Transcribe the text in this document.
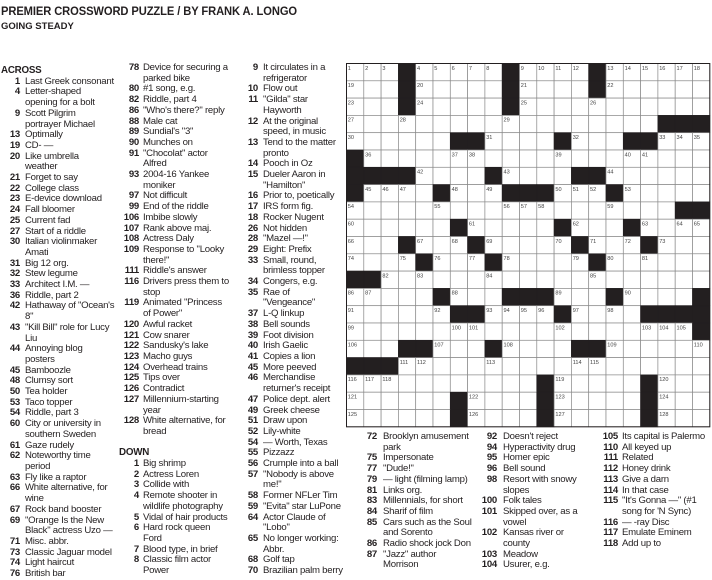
PREMIER CROSSWORD PUZZLE / BY FRANK A. LONGO
GOING STEADY
ACROSS
1 Last Greek consonant
4 Letter-shaped
opening for a bolt
9 Scott Pilgrim
portrayer Michael
13 Optimally
19 CD- —
20 Like umbrella
weather
21 Forget to say
22 College class
23 E-device download
24 Fall bloomer
25 Current fad
27 Start of a riddle
30 Italian violinmaker
Amati
31 Big 12 org.
32 Stew legume
33 Architect I.M. —
36 Riddle, part 2
42 Hathaway of "Ocean's
8"
43 "Kill Bill" role for Lucy
Liu
44 Annoying blog
posters
45 Bamboozle
48 Clumsy sort
50 Tea holder
53 Taco topper
54 Riddle, part 3
60 City or university in
southern Sweden
61 Gaze rudely
62 Noteworthy time
period
63 Fly like a raptor
66 White alternative, for
wine
67 Rock band booster
69 "Orange Is the New
Black" actress Uzo —
71 Misc. abbr.
73 Classic Jaguar model
74 Light haircut
76 British bar
78 Device for securing a
parked bike
80 #1 song, e.g.
82 Riddle, part 4
86 "Who's there?" reply
88 Male cat
89 Sundial's "3"
90 Munches on
91 "Chocolat" actor
Alfred
93 2004-16 Yankee
moniker
97 Not difficult
99 End of the riddle
106 Imbibe slowly
107 Rank above maj.
108 Actress Daly
109 Response to "Looky
there!"
111 Riddle's answer
116 Drivers press them to
stop
119 Animated "Princess
of Power"
120 Awful racket
121 Cow snarer
122 Sandusky's lake
123 Macho guys
124 Overhead trains
125 Tips over
126 Contradict
127 Millennium-starting
year
128 White alternative, for
bread
DOWN
1 Big shrimp
2 Actress Loren
3 Collide with
4 Remote shooter in
wildlife photography
5 Vidal of hair products
6 Hard rock queen
Ford
7 Blood type, in brief
8 Classic film actor
Power
9 It circulates in a
refrigerator
10 Flow out
11 "Gilda" star
Hayworth
12 At the original
speed, in music
13 Tend to the matter
pronto
14 Pooch in Oz
15 Dueler Aaron in
"Hamilton"
16 Prior to, poetically
17 IRS form fig.
18 Rocker Nugent
26 Not hidden
28 "Mazel —!"
29 Eight: Prefix
33 Small, round,
brimless topper
34 Congers, e.g.
35 Rae of
"Vengeance"
37 L-Q linkup
38 Bell sounds
39 Foot division
40 Irish Gaelic
41 Copies a lion
45 More peeved
46 Merchandise
returner's receipt
47 Police dept. alert
49 Greek cheese
51 Draw upon
52 Lily-white
54 — Worth, Texas
55 Pizzazz
56 Crumple into a ball
57 "Nobody is above
me!"
58 Former NFLer Tim
59 "Evita" star LuPone
64 Actor Claude of
"Lobo"
65 No longer working:
Abbr.
68 Golf tap
70 Brazilian palm berry
72 Brooklyn amusement
park
75 Impersonate
77 "Dude!"
79 — light (filming lamp)
81 Links org.
83 Millennials, for short
84 Sharif of film
85 Cars such as the Soul
and Sorento
86 Radio shock jock Don
87 "Jazz" author
Morrison
92 Doesn't reject
94 Hyperactivity drug
95 Homer epic
96 Bell sound
98 Resort with snowy
slopes
100 Folk tales
101 Skipped over, as a
vowel
102 Kansas river or
county
103 Meadow
104 Usurer, e.g.
105 Its capital is Palermo
110 All keyed up
111 Related
112 Honey drink
113 Give a darn
114 In that case
115 "It's Gonna —" (#1
song for 'N Sync)
116 — -ray Disc
117 Emulate Eminem
118 Add up to
1	2	3	4	5	6	7	8	9	10 11 12	13 14 15 16 17 18
19	20	21	22
23	24	25	26
27	28	29
30	31	32	33 34 35
36	37 38	39	40 41
42	43	44
45 46 47	48	49	50 51 52	53
54	55	56 57 58	59
60	61	62	63	64 65
66	67	68	69	70	71	72	73
74	75	76	77	78	79	80	81
82	83	84	85
86 87	88	89	90
91	92	93 94 95 96	97	98
99	100 101	102	103 104 105
106	107	108	109	110
111 112	113	114 115
116 117 118	119	120
121	122	123	124
125	126	127	128
